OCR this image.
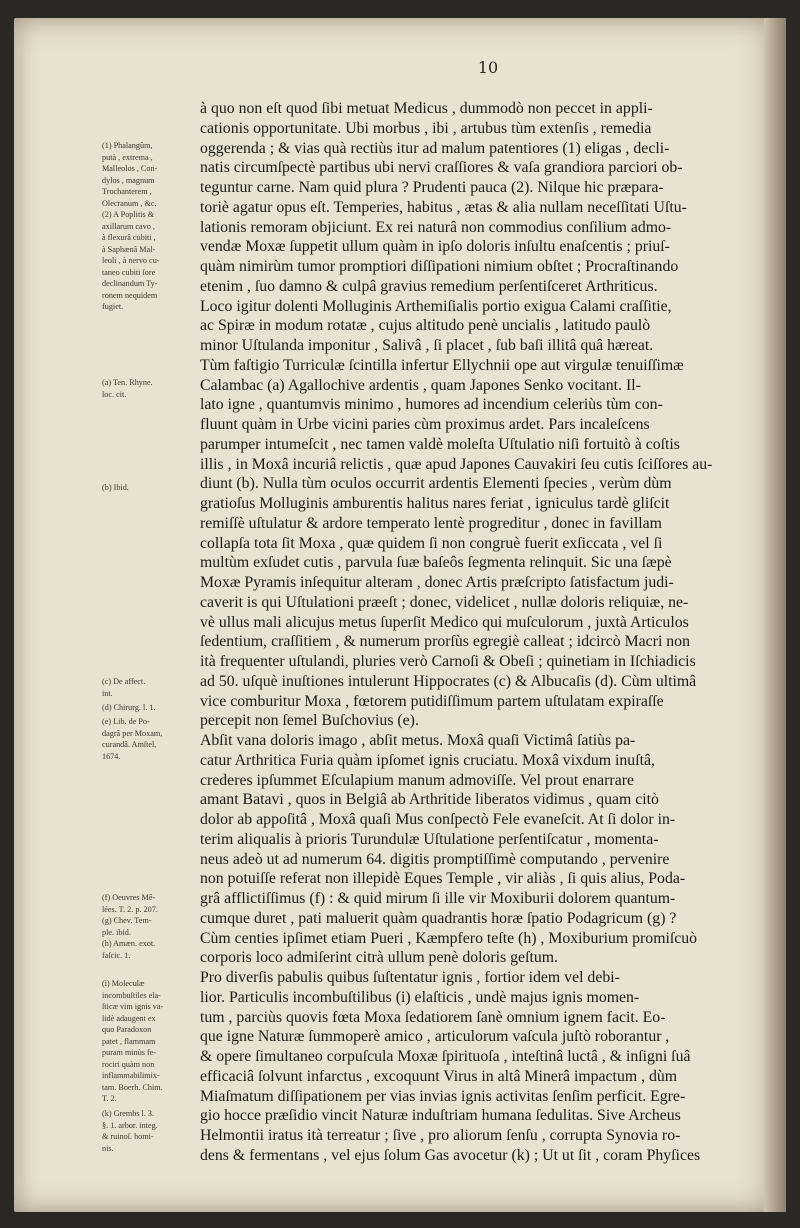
10
(1) Phalangûm,
putà , extrema ,
Malleolos , Con-
dylos , magnum
Trochanterem ,
Olecranum , &c.
(2) A Poplitis &
axillarum cavo ,
à flexurâ cubiti ,
à Saphænâ Mal-
leoli , à nervo cu-
taneo cubiti ſore
declinandum Ty-
ronem nequidem
fugiet.
(a) Ten. Rhyne.
loc. cit.
(b) Ibid.
(c) De affect.
int.
(d) Chirurg. l. 1.
(e) Lib. de Po-
dagrâ per Moxam,
curandâ. Amſtel,
1674.
(f) Oeuvres Mê-
lées. T. 2. p. 207.
(g) Chev. Tem-
ple. ibid.
(h) Amæn. exot.
faſcic. 1.
(i) Moleculæ
incombuſtiles ela-
ſticæ vim ignis va-
lidè adaugent ex
quo Paradoxon
patet , flammam
puram minùs fe-
rociri quàm non
inflammabilimix-
tam. Boerh. Chim.
T. 2.
(k) Grembs l. 3.
§. 1. arbor. integ.
& ruinoſ. homi-
nis.
à quo non eſt quod ſibi metuat Medicus , dummodò non peccet in appli-
cationis opportunitate. Ubi morbus , ibi , artubus tùm extenſis , remedia
oggerenda ; & vias quà rectiùs itur ad malum patentiores (1) eligas , decli-
natis circumſpectè partibus ubi nervi craſſiores & vaſa grandiora parciori ob-
teguntur carne. Nam quid plura ? Prudenti pauca (2). Nilque hic præpara-
toriè agatur opus eſt. Temperies, habitus , ætas & alia nullam neceſſitati Uſtu-
lationis remoram objiciunt. Ex rei naturâ non commodius conſilium admo-
vendæ Moxæ ſuppetit ullum quàm in ipſo doloris inſultu enaſcentis ; priuſ-
quàm nimirùm tumor promptiori diſſipationi nimium obſtet ; Procraſtinando
etenim , ſuo damno & culpâ gravius remedium perſentiſceret Arthriticus.
Loco igitur dolenti Molluginis Arthemiſialis portio exigua Calami craſſitie,
ac Spiræ in modum rotatæ , cujus altitudo penè uncialis , latitudo paulò
minor Uſtulanda imponitur , Salivâ , ſi placet , ſub baſi illitâ quâ hæreat.
Tùm faſtigio Turriculæ ſcintilla infertur Ellychnii ope aut virgulæ tenuiſſimæ
Calambac (a) Agallochive ardentis , quam Japones Senko vocitant. Il-
lato igne , quantumvis minimo , humores ad incendium celeriùs tùm con-
fluunt quàm in Urbe vicini paries cùm proximus ardet. Pars incaleſcens
parumper intumeſcit , nec tamen valdè moleſta Uſtulatio niſi fortuitò à coſtis
illis , in Moxâ incuriâ relictis , quæ apud Japones Cauvakiri ſeu cutis ſciſſores au-
diunt (b). Nulla tùm oculos occurrit ardentis Elementi ſpecies , verùm dùm
gratioſus Molluginis amburentis halitus nares feriat , igniculus tardè gliſcit
remiſſè uſtulatur & ardore temperato lentè progreditur , donec in favillam
collapſa tota ſit Moxa , quæ quidem ſi non congruè fuerit exſiccata , vel ſi
multùm exſudet cutis , parvula ſuæ baſeôs ſegmenta relinquit. Sic una ſæpè
Moxæ Pyramis inſequitur alteram , donec Artis præſcripto ſatisfactum judi-
caverit is qui Uſtulationi præeſt ; donec, videlicet , nullæ doloris reliquiæ, ne-
vè ullus mali alicujus metus ſuperſit Medico qui muſculorum , juxtà Articulos
ſedentium, craſſitiem , & numerum prorſùs egregiè calleat ; idcircò Macri non
ità frequenter uſtulandi, pluries verò Carnoſi & Obeſi ; quinetiam in Iſchiadicis
ad 50. uſquè inuſtiones intulerunt Hippocrates (c) & Albucaſis (d). Cùm ultimâ
vice comburitur Moxa , fœtorem putidiſſimum partem uſtulatam expiraſſe
percepit non ſemel Buſchovius (e).
Abſit vana doloris imago , abſit metus. Moxâ quaſi Victimâ ſatiùs pa-
catur Arthritica Furia quàm ipſomet ignis cruciatu. Moxâ vixdum inuſtâ,
crederes ipſummet Eſculapium manum admoviſſe. Vel prout enarrare
amant Batavi , quos in Belgiâ ab Arthritide liberatos vidimus , quam citò
dolor ab appoſitâ , Moxâ quaſi Mus conſpectò Fele evaneſcit. At ſi dolor in-
terim aliqualis à prioris Turundulæ Uſtulatione perſentiſcatur , momenta-
neus adeò ut ad numerum 64. digitis promptiſſimè computando , pervenire
non potuiſſe referat non illepidè Eques Temple , vir aliàs , ſi quis alius, Poda-
grâ afflictiſſimus (f) : & quid mirum ſi ille vir Moxiburii dolorem quantum-
cumque duret , pati maluerit quàm quadrantis horæ ſpatio Podagricum (g) ?
Cùm centies ipſimet etiam Pueri , Kæmpfero teſte (h) , Moxiburium promiſcuò
corporis loco admiſerint citrà ullum penè doloris geſtum.
Pro diverſis pabulis quibus ſuſtentatur ignis , fortior idem vel debi-
lior. Particulis incombuſtilibus (i) elaſticis , undè majus ignis momen-
tum , parciùs quovis fœta Moxa ſedatiorem ſanè omnium ignem facit. Eo-
que igne Naturæ ſummoperè amico , articulorum vaſcula juſtò roborantur ,
& opere ſimultaneo corpuſcula Moxæ ſpirituoſa , inteſtinâ luctâ , & inſigni ſuâ
efficaciâ ſolvunt infarctus , excoquunt Virus in altâ Minerâ impactum , dùm
Miaſmatum diſſipationem per vias invias ignis activitas ſenſim perficit. Egre-
gio hocce præſidio vincit Naturæ induſtriam humana ſedulitas. Sive Archeus
Helmontii iratus ità terreatur ; ſive , pro aliorum ſenſu , corrupta Synovia ro-
dens & fermentans , vel ejus ſolum Gas avocetur (k) ; Ut ut ſit , coram Phyſices
